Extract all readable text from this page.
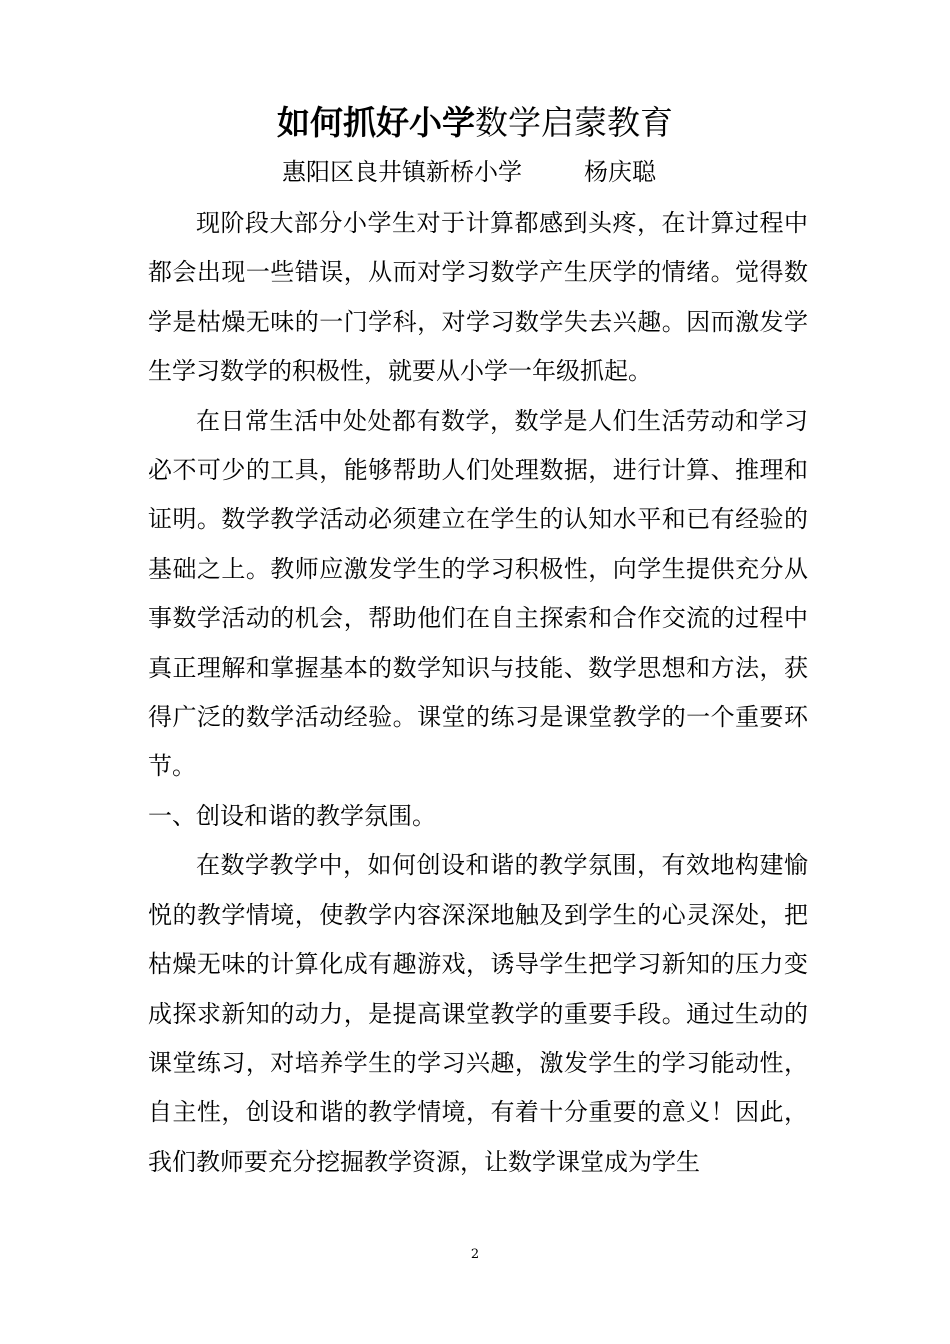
如何抓好小学数学启蒙教育
惠阳区良井镇新桥小学	杨庆聪

现阶段大部分小学生对于计算都感到头疼，在计算过程中都会出现一些错误，从而对学习数学产生厌学的情绪。觉得数学是枯燥无味的一门学科，对学习数学失去兴趣。因而激发学生学习数学的积极性，就要从小学一年级抓起。

在日常生活中处处都有数学，数学是人们生活劳动和学习必不可少的工具，能够帮助人们处理数据，进行计算、推理和证明。数学教学活动必须建立在学生的认知水平和已有经验的基础之上。教师应激发学生的学习积极性，向学生提供充分从事数学活动的机会，帮助他们在自主探索和合作交流的过程中真正理解和掌握基本的数学知识与技能、数学思想和方法，获得广泛的数学活动经验。课堂的练习是课堂教学的一个重要环节。

一、创设和谐的教学氛围。

在数学教学中，如何创设和谐的教学氛围，有效地构建愉悦的教学情境，使教学内容深深地触及到学生的心灵深处，把枯燥无味的计算化成有趣游戏，诱导学生把学习新知的压力变成探求新知的动力，是提高课堂教学的重要手段。通过生动的课堂练习，对培养学生的学习兴趣，激发学生的学习能动性，自主性，创设和谐的教学情境，有着十分重要的意义！因此，我们教师要充分挖掘教学资源，让数学课堂成为学生

2
